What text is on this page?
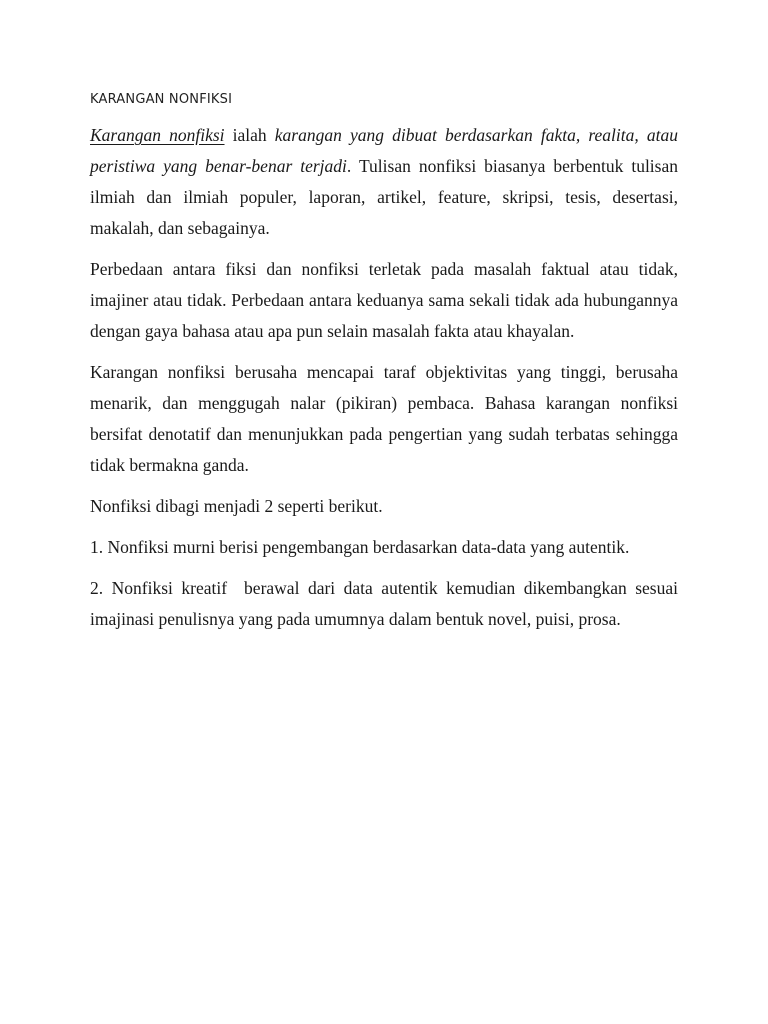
KARANGAN NONFIKSI

Karangan nonfiksi ialah karangan yang dibuat berdasarkan fakta, realita, atau peristiwa yang benar-benar terjadi. Tulisan nonfiksi biasanya berbentuk tulisan ilmiah dan ilmiah populer, laporan, artikel, feature, skripsi, tesis, desertasi, makalah, dan sebagainya.

Perbedaan antara fiksi dan nonfiksi terletak pada masalah faktual atau tidak, imajiner atau tidak. Perbedaan antara keduanya sama sekali tidak ada hubungannya dengan gaya bahasa atau apa pun selain masalah fakta atau khayalan.

Karangan nonfiksi berusaha mencapai taraf objektivitas yang tinggi, berusaha menarik, dan menggugah nalar (pikiran) pembaca. Bahasa karangan nonfiksi bersifat denotatif dan menunjukkan pada pengertian yang sudah terbatas sehingga tidak bermakna ganda.

Nonfiksi dibagi menjadi 2 seperti berikut.

1. Nonfiksi murni berisi pengembangan berdasarkan data-data yang autentik.

2. Nonfiksi kreatif  berawal dari data autentik kemudian dikembangkan sesuai imajinasi penulisnya yang pada umumnya dalam bentuk novel, puisi, prosa.
